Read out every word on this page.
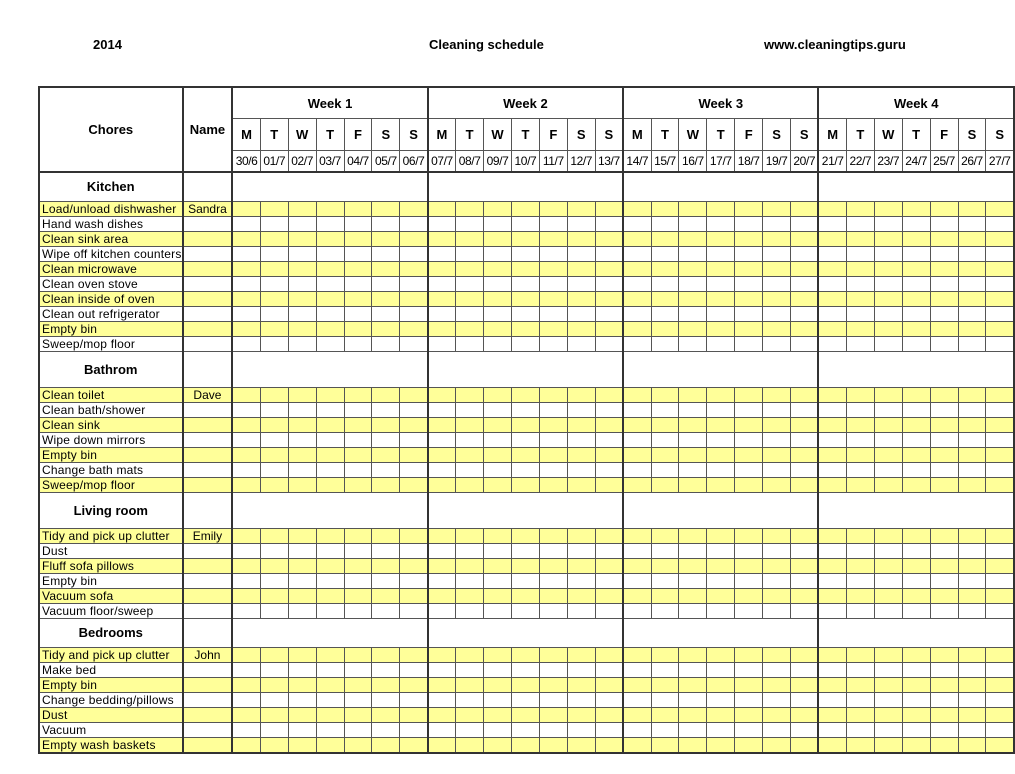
2014	Cleaning schedule	www.cleaningtips.guru
Chores	Name	Week 1							Week 2							Week 3							Week 4						
		M	T	W	T	F	S	S	M	T	W	T	F	S	S	M	T	W	T	F	S	S	M	T	W	T	F	S	S
		30/6	01/7	02/7	03/7	04/7	05/7	06/7	07/7	08/7	09/7	10/7	11/7	12/7	13/7	14/7	15/7	16/7	17/7	18/7	19/7	20/7	21/7	22/7	23/7	24/7	25/7	26/7	27/7
Kitchen																													
Load/unload dishwasher	Sandra																												
Hand wash dishes																													
Clean sink area																													
Wipe off kitchen counters																													
Clean microwave																													
Clean oven stove																													
Clean inside of oven																													
Clean out refrigerator																													
Empty bin																													
Sweep/mop floor																													
Bathrom																													
Clean toilet	Dave																												
Clean bath/shower																													
Clean sink																													
Wipe down mirrors																													
Empty bin																													
Change bath mats																													
Sweep/mop floor																													
Living room																													
Tidy and pick up clutter	Emily																												
Dust																													
Fluff sofa pillows																													
Empty bin																													
Vacuum sofa																													
Vacuum floor/sweep																													
Bedrooms																													
Tidy and pick up clutter	John																												
Make bed																													
Empty bin																													
Change bedding/pillows																													
Dust																													
Vacuum																													
Empty wash baskets																													
